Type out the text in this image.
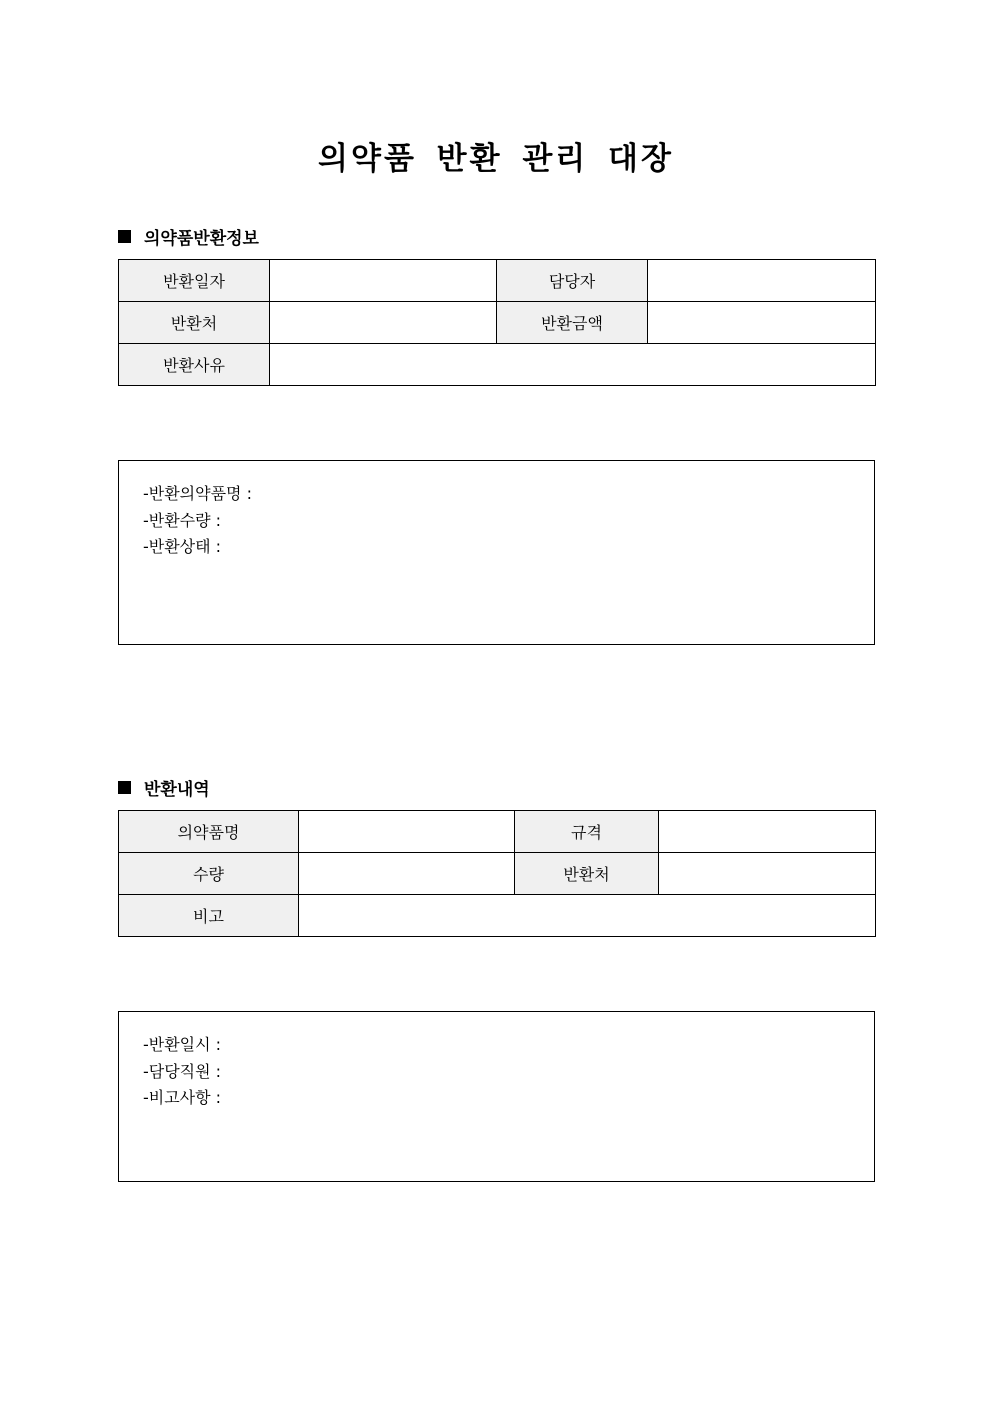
의약품 반환 관리 대장
의약품반환정보
반환일자		담당자	
반환처		반환금액	
반환사유			
-반환의약품명 :
-반환수량 :
-반환상태 :
반환내역
의약품명		규격	
수량		반환처	
비고			
-반환일시 :
-담당직원 :
-비고사항 :
